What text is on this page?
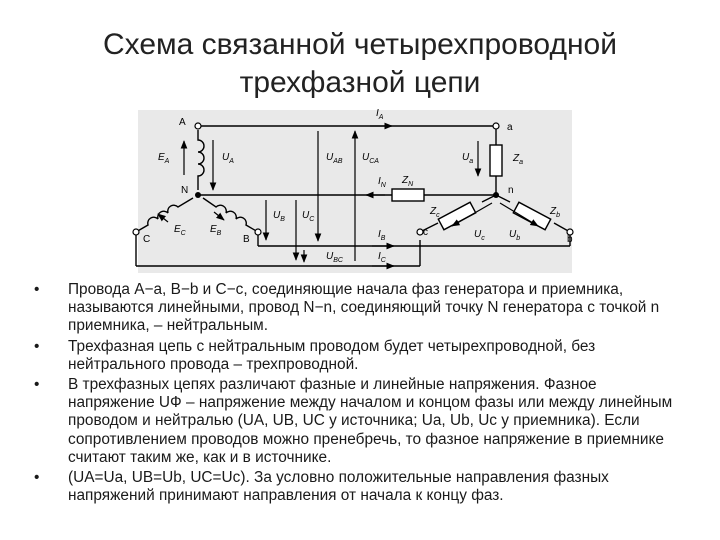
Схема связанной четырехпроводной
трехфазной цепи
A
N
C	B
a
n
c
b
$E_A$
$E_C$ $E_B$
$U_A$	$U_{AB}$ $U_{CA}$
$U_B$ $U_C$
$U_{BC}$
$U_a$
$U_c$ $U_b$
$I_A$
$I_N$
$I_B$
$I_C$
$Z_N$
$Z_a$
$Z_c$	$Z_b$
•	Провода A−a, B−b и C−c, соединяющие начала фаз генератора и приемника, называются линейными, провод N−n, соединяющий точку N генератора с точкой n приемника, – нейтральным.
•	Трехфазная цепь с нейтральным проводом будет четырехпроводной, без нейтрального провода – трехпроводной.
•	В трехфазных цепях различают фазные и линейные напряжения. Фазное напряжение UФ – напряжение между началом и концом фазы или между линейным проводом и нейтралью (UA, UB, UC у источника; Ua, Ub, Uc у приемника). Если сопротивлением проводов можно пренебречь, то фазное напряжение в приемнике считают таким же, как и в источнике.
•	(UA=Ua, UB=Ub, UC=Uc). За условно положительные направления фазных напряжений принимают направления от начала к концу фаз.
